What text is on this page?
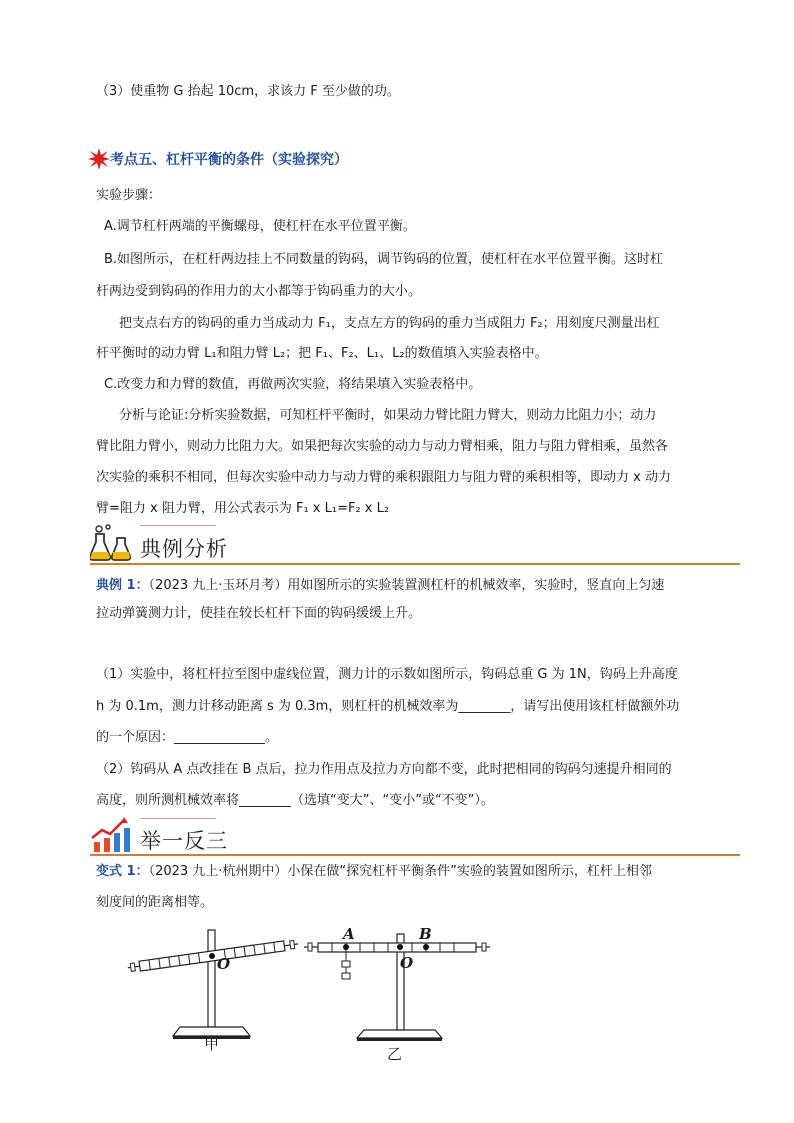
（3）使重物 G 抬起 10cm，求该力 F 至少做的功。
考点五、杠杆平衡的条件（实验探究）
实验步骤：
A.调节杠杆两端的平衡螺母，使杠杆在水平位置平衡。
B.如图所示，在杠杆两边挂上不同数量的钩码，调节钩码的位置，使杠杆在水平位置平衡。这时杠
杆两边受到钩码的作用力的大小都等于钩码重力的大小。
把支点右方的钩码的重力当成动力 F₁，支点左方的钩码的重力当成阻力 F₂；用刻度尺测量出杠
杆平衡时的动力臂 L₁和阻力臂 L₂；把 F₁、F₂、L₁、L₂的数值填入实验表格中。
C.改变力和力臂的数值，再做两次实验，将结果填入实验表格中。
分析与论证:分析实验数据，可知杠杆平衡时，如果动力臂比阻力臂大，则动力比阻力小；动力
臂比阻力臂小，则动力比阻力大。如果把每次实验的动力与动力臂相乘，阻力与阻力臂相乘，虽然各
次实验的乘积不相同，但每次实验中动力与动力臂的乘积跟阻力与阻力臂的乘积相等，即动力 x 动力
臂=阻力 x 阻力臂，用公式表示为 F₁ x L₁=F₂ x L₂
典例分析
典例 1：（2023 九上·玉环月考）用如图所示的实验装置测杠杆的机械效率，实验时，竖直向上匀速
拉动弹簧测力计，使挂在较长杠杆下面的钩码缓缓上升。
（1）实验中，将杠杆拉至图中虚线位置，测力计的示数如图所示，钩码总重 G 为 1N，钩码上升高度
h 为 0.1m，测力计移动距离 s 为 0.3m，则杠杆的机械效率为________，请写出使用该杠杆做额外功
的一个原因：______________。
（2）钩码从 A 点改挂在 B 点后，拉力作用点及拉力方向都不变，此时把相同的钩码匀速提升相同的
高度，则所测机械效率将________（选填“变大”、“变小”或“不变”）。
举一反三
变式 1：（2023 九上·杭州期中）小保在做“探究杠杆平衡条件”实验的装置如图所示，杠杆上相邻
刻度间的距离相等。
O
甲
A	B
O
乙
